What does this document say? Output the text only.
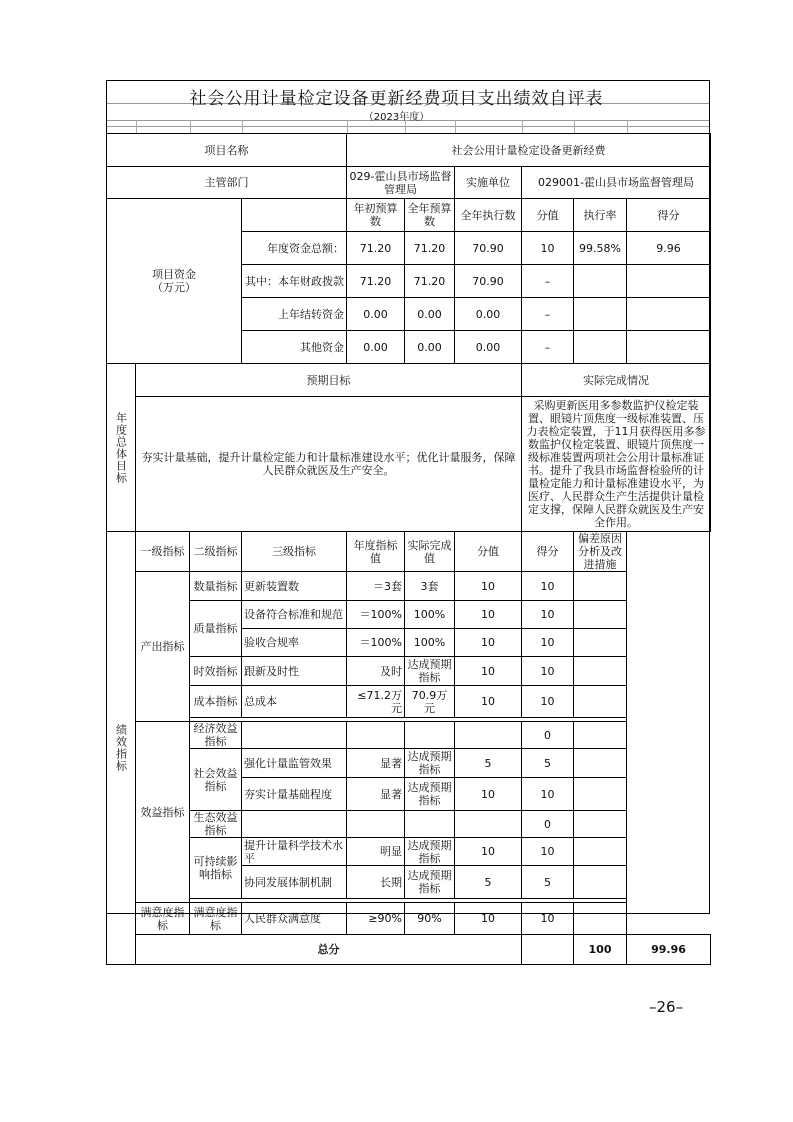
社会公用计量检定设备更新经费项目支出绩效自评表
（2023年度）
项目名称				社会公用计量检定设备更新经费						
主管部门				029-霍山县市场监督管理局		实施单位	029001-霍山县市场监督管理局			
项目资金
（万元）				年初预算数	全年预算数	全年执行数	分值	执行率	得分	
			年度资金总额：	71.20	71.20	70.90	10	99.58%	9.96	
			其中：本年财政拨款	71.20	71.20	70.90	–			
			上年结转资金	0.00	0.00	0.00	–			
			其他资金	0.00	0.00	0.00	–			
年度总体目标	预期目标						实际完成情况			
	夯实计量基础，提升计量检定能力和计量标准建设水平；优化计量服务，保障人民群众就医及生产安全。						采购更新医用多参数监护仪检定装置、眼镜片顶焦度一级标准装置、压力表检定装置，于11月获得医用多参数监护仪检定装置、眼镜片顶焦度一级标准装置两项社会公用计量标准证书。提升了我县市场监督检验所的计量检定能力和计量标准建设水平，为医疗、人民群众生产生活提供计量检定支撑，保障人民群众就医及生产安全作用。			
绩效指标	一级指标	二级指标	三级指标	年度指标值	实际完成值	分值	得分	偏差原因分析及改进措施		
	产出指标	数量指标	更新装置数	＝3套	3套	10	10			
		质量指标	设备符合标准和规范	＝100%	100%	10	10			
			验收合规率	＝100%	100%	10	10			
		时效指标	跟新及时性	及时	达成预期指标	10	10			
		成本指标	总成本	≤71.2万元	70.9万元	10	10			

	效益指标	经济效益指标					0			
		社会效益指标	强化计量监管效果	显著	达成预期指标	5	5			
			夯实计量基础程度	显著	达成预期指标	10	10			
		生态效益指标					0			
		可持续影响指标	提升计量科学技术水平	明显	达成预期指标	10	10			
			协同发展体制机制	长期	达成预期指标	5	5			

	满意度指标	满意度指标	人民群众满意度	≥90%	90%	10	10			
	总分							100	99.96	
–26–
